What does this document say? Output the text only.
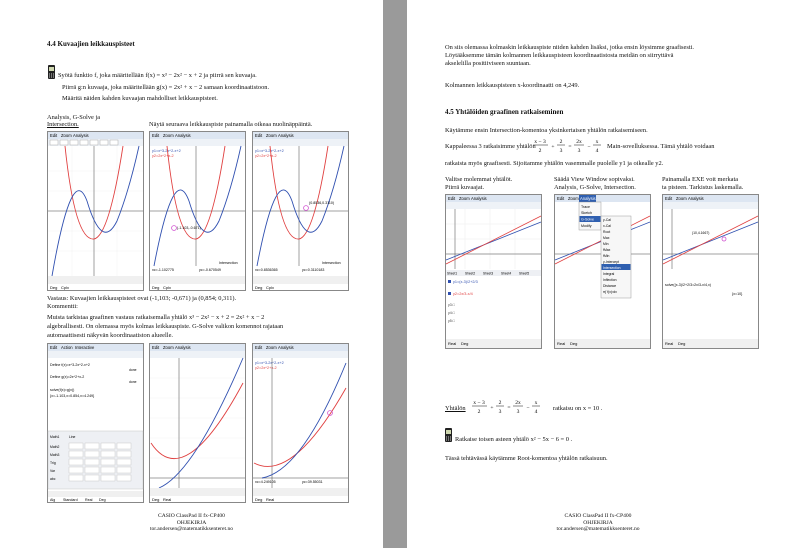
4.4 Kuvaajien leikkauspisteet
Syötä funktio f, joka määritellään f(x) = x³ − 2x² − x + 2 ja piirrä sen kuvaaja.
Piirrä g:n kuvaaja, joka määritellään g(x) = 2x² + x − 2 samaan koordinaatistoon.
Määritä näiden kahden kuvaajan mahdolliset leikkauspisteet.
Analysis, G-Solve ja
Intersection.	Näytä seuraava leikkauspiste painamalla oikeaa nuolinäppäintä.
Edit Zoom Analysis
Deg Cplx
Edit Zoom Analysis
y1=x^3-2x^2-x+2
y2=2x^2+x-2
(-1.103,-0.671)
Intersection
xc=-1.102775	yc=-0.670549
Deg Cplx
Edit Zoom Analysis
y1=x^3-2x^2-x+2
y2=2x^2+x-2
(0.8536,0.3110)
Intersection
xc=0.8536365	yc=0.3110183
Deg Cplx
Vastaus: Kuvaajien leikkauspisteet ovat (-1,103; -0,671) ja (0,854; 0,311).
Kommentti:
Muista tarkistaa graafinen vastaus ratkaisemalla yhtälö x³ − 2x² − x + 2 = 2x² + x − 2
algebrallisesti. On olemassa myös kolmas leikkauspiste. G-Solve valikon komennot rajataan
automaattisesti näkyvän koordinaatiston alueelle.
Edit Action Interactive
Define f(x)=x^3-2x^2-x+2
done
Define g(x)=2x^2+x-2
done
solve(f(x)=g(x))
{x=-1.103,x=0.854,x=4.249}
Math1	Line
Math2
Math3
Trig
Var
abc
Alg Standard Real Deg
Edit Zoom Analysis
Deg Real
Edit Zoom Analysis
y1=x^3-2x^2-x+2
y2=2x^2+x-2
xc=4.249105	yc=39.55031
Deg Real
CASIO ClassPad II fx-CP400
OHJEKIRJA
tor.andersen@matematikksenteret.no
On siis olemassa kolmaskin leikkauspiste niiden kahden lisäksi, jotka ensin löysimme graafisesti.
Löytääksemme tämän kolmannen leikkauspisteen koordinaatistosta meidän on siirryttävä
akselelilla positiiviseen suuntaan.
Kolmannen leikkauspisteen x-koordinaatti on 4,249.
4.5 Yhtälöiden graafinen ratkaiseminen
Käytämme ensin Intersection-komentoa yksinkertaisen yhtälön ratkaisemiseen.
Kappaleessa 3 ratkaisimme yhtälön
x − 3
2
+
2
3
=
2x
3
−
x
4
Main-sovelluksessa. Tämä yhtälö voidaan
ratkaista myös graafisesti. Sijoitamme yhtälön vasemmalle puolelle y1 ja oikealle y2.
Valitse molemmat yhtälöt.
Piirrä kuvaajat.
Säädä View Window sopivaksi.
Analysis, G-Solve, Intersection.
Painamalla EXE voit merkata
ta pisteen. Tarkistus laskemalla.
Edit Zoom Analysis
Sheet1 Sheet2 Sheet3 Sheet4 Sheet5
y1=(x-3)/2+2/3
y2=2x/3-x/4
y3:□
y4:□
y5:□
Real Deg
Edit Zoom Analysis
Trace
Sketch
G-Solve
Modify
y-Cal
x-Cal
Root
Max
Min
fMax
fMin
y-Intercept
Intersection
Integral
Inflection
Distance
π∫ f(x)²dx
Real Deg
Edit Zoom Analysis
(10,4.1667)
solve((x-3)/2+2/3=2x/3-x/4,x)
{x=10}
Real Deg
Yhtälön
x − 3
2
+
2
3
=
2x
3
−
x
4 ratkaisu on x = 10 .
Ratkaise toisen asteen yhtälö x² − 5x − 6 = 0 .
Tässä tehtävässä käytämme Root-komentoa yhtälön ratkaisuun.
CASIO ClassPad II fx-CP400
OHJEKIRJA
tor.andersen@matematikksenteret.no
